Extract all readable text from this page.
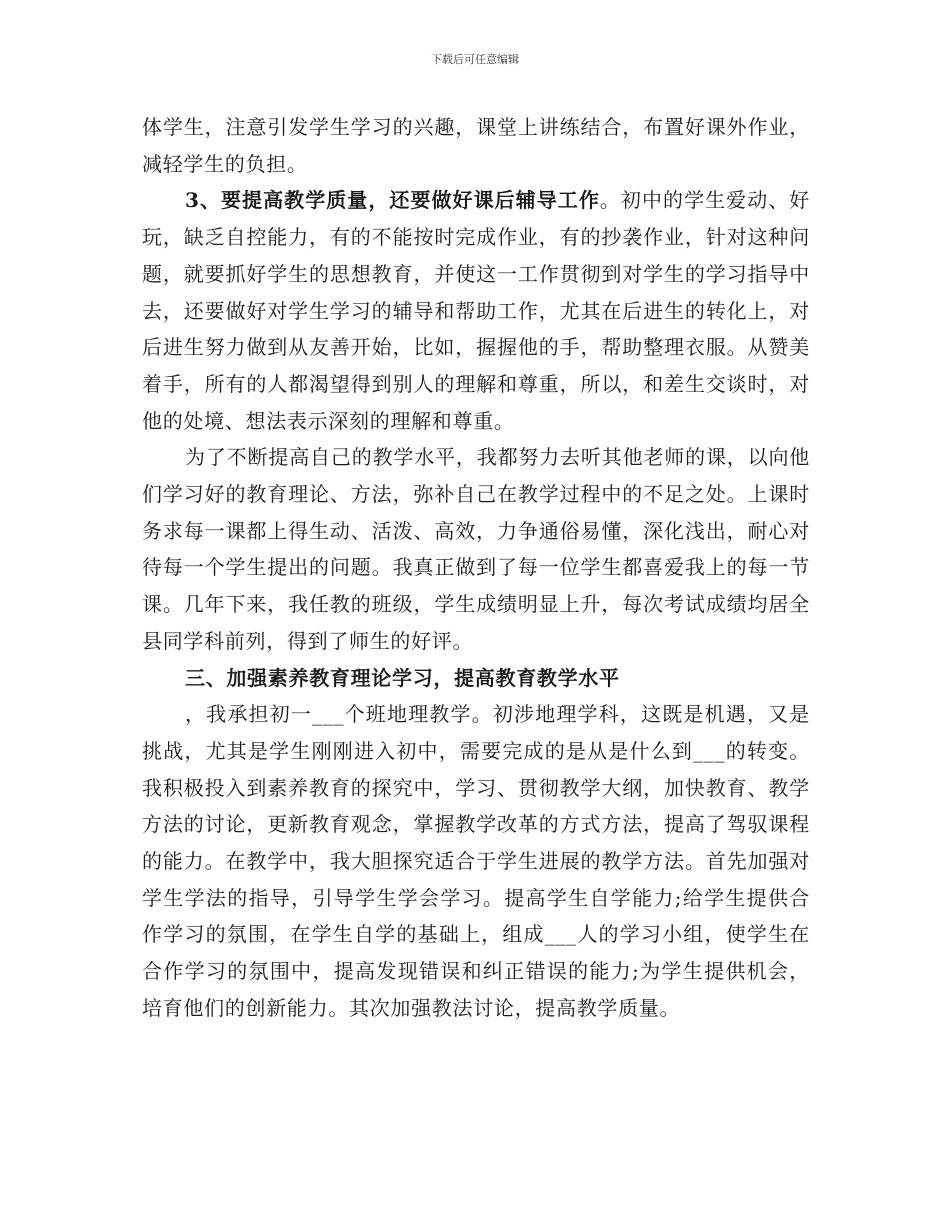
下载后可任意编辑

体学生，注意引发学生学习的兴趣，课堂上讲练结合，布置好课外作业，减轻学生的负担。

3、要提高教学质量，还要做好课后辅导工作。初中的学生爱动、好玩，缺乏自控能力，有的不能按时完成作业，有的抄袭作业，针对这种问题，就要抓好学生的思想教育，并使这一工作贯彻到对学生的学习指导中去，还要做好对学生学习的辅导和帮助工作，尤其在后进生的转化上，对后进生努力做到从友善开始，比如，握握他的手，帮助整理衣服。从赞美着手，所有的人都渴望得到别人的理解和尊重，所以，和差生交谈时，对他的处境、想法表示深刻的理解和尊重。

为了不断提高自己的教学水平，我都努力去听其他老师的课，以向他们学习好的教育理论、方法，弥补自己在教学过程中的不足之处。上课时务求每一课都上得生动、活泼、高效，力争通俗易懂，深化浅出，耐心对待每一个学生提出的问题。我真正做到了每一位学生都喜爱我上的每一节课。几年下来，我任教的班级，学生成绩明显上升，每次考试成绩均居全县同学科前列，得到了师生的好评。

三、加强素养教育理论学习，提高教育教学水平

，我承担初一___个班地理教学。初涉地理学科，这既是机遇，又是挑战，尤其是学生刚刚进入初中，需要完成的是从是什么到___的转变。我积极投入到素养教育的探究中，学习、贯彻教学大纲，加快教育、教学方法的讨论，更新教育观念，掌握教学改革的方式方法，提高了驾驭课程的能力。在教学中，我大胆探究适合于学生进展的教学方法。首先加强对学生学法的指导，引导学生学会学习。提高学生自学能力;给学生提供合作学习的氛围，在学生自学的基础上，组成___人的学习小组，使学生在合作学习的氛围中，提高发现错误和纠正错误的能力;为学生提供机会，培育他们的创新能力。其次加强教法讨论，提高教学质量。
